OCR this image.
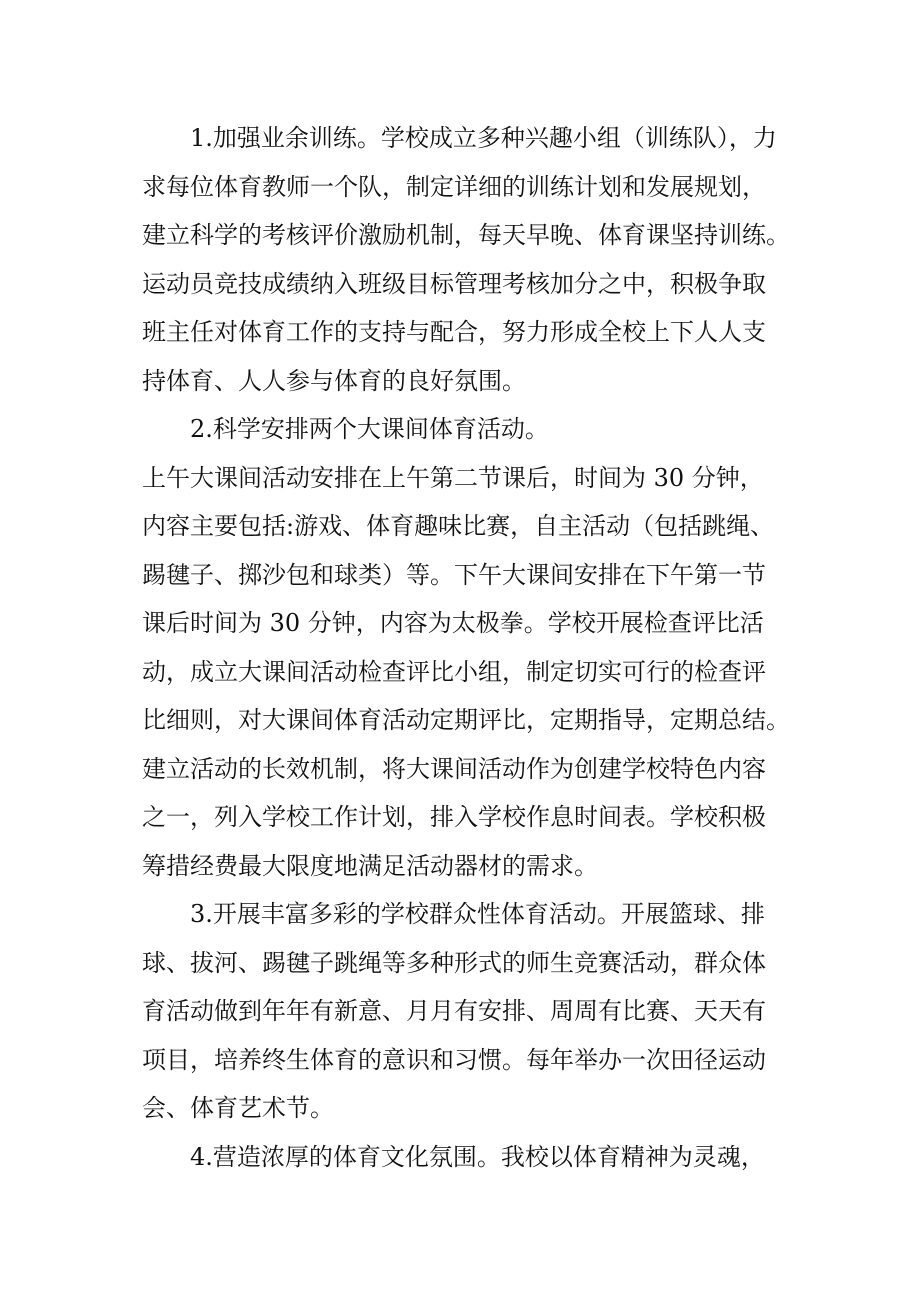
1.加强业余训练。学校成立多种兴趣小组（训练队），力
求每位体育教师一个队，制定详细的训练计划和发展规划，
建立科学的考核评价激励机制，每天早晚、体育课坚持训练。
运动员竞技成绩纳入班级目标管理考核加分之中，积极争取
班主任对体育工作的支持与配合，努力形成全校上下人人支
持体育、人人参与体育的良好氛围。
2.科学安排两个大课间体育活动。
上午大课间活动安排在上午第二节课后，时间为 30 分钟，
内容主要包括:游戏、体育趣味比赛，自主活动（包括跳绳、
踢毽子、掷沙包和球类）等。下午大课间安排在下午第一节
课后时间为 30 分钟，内容为太极拳。学校开展检查评比活
动，成立大课间活动检查评比小组，制定切实可行的检查评
比细则，对大课间体育活动定期评比，定期指导，定期总结。
建立活动的长效机制，将大课间活动作为创建学校特色内容
之一，列入学校工作计划，排入学校作息时间表。学校积极
筹措经费最大限度地满足活动器材的需求。
3.开展丰富多彩的学校群众性体育活动。开展篮球、排
球、拔河、踢毽子跳绳等多种形式的师生竞赛活动，群众体
育活动做到年年有新意、月月有安排、周周有比赛、天天有
项目，培养终生体育的意识和习惯。每年举办一次田径运动
会、体育艺术节。
4.营造浓厚的体育文化氛围。我校以体育精神为灵魂，
